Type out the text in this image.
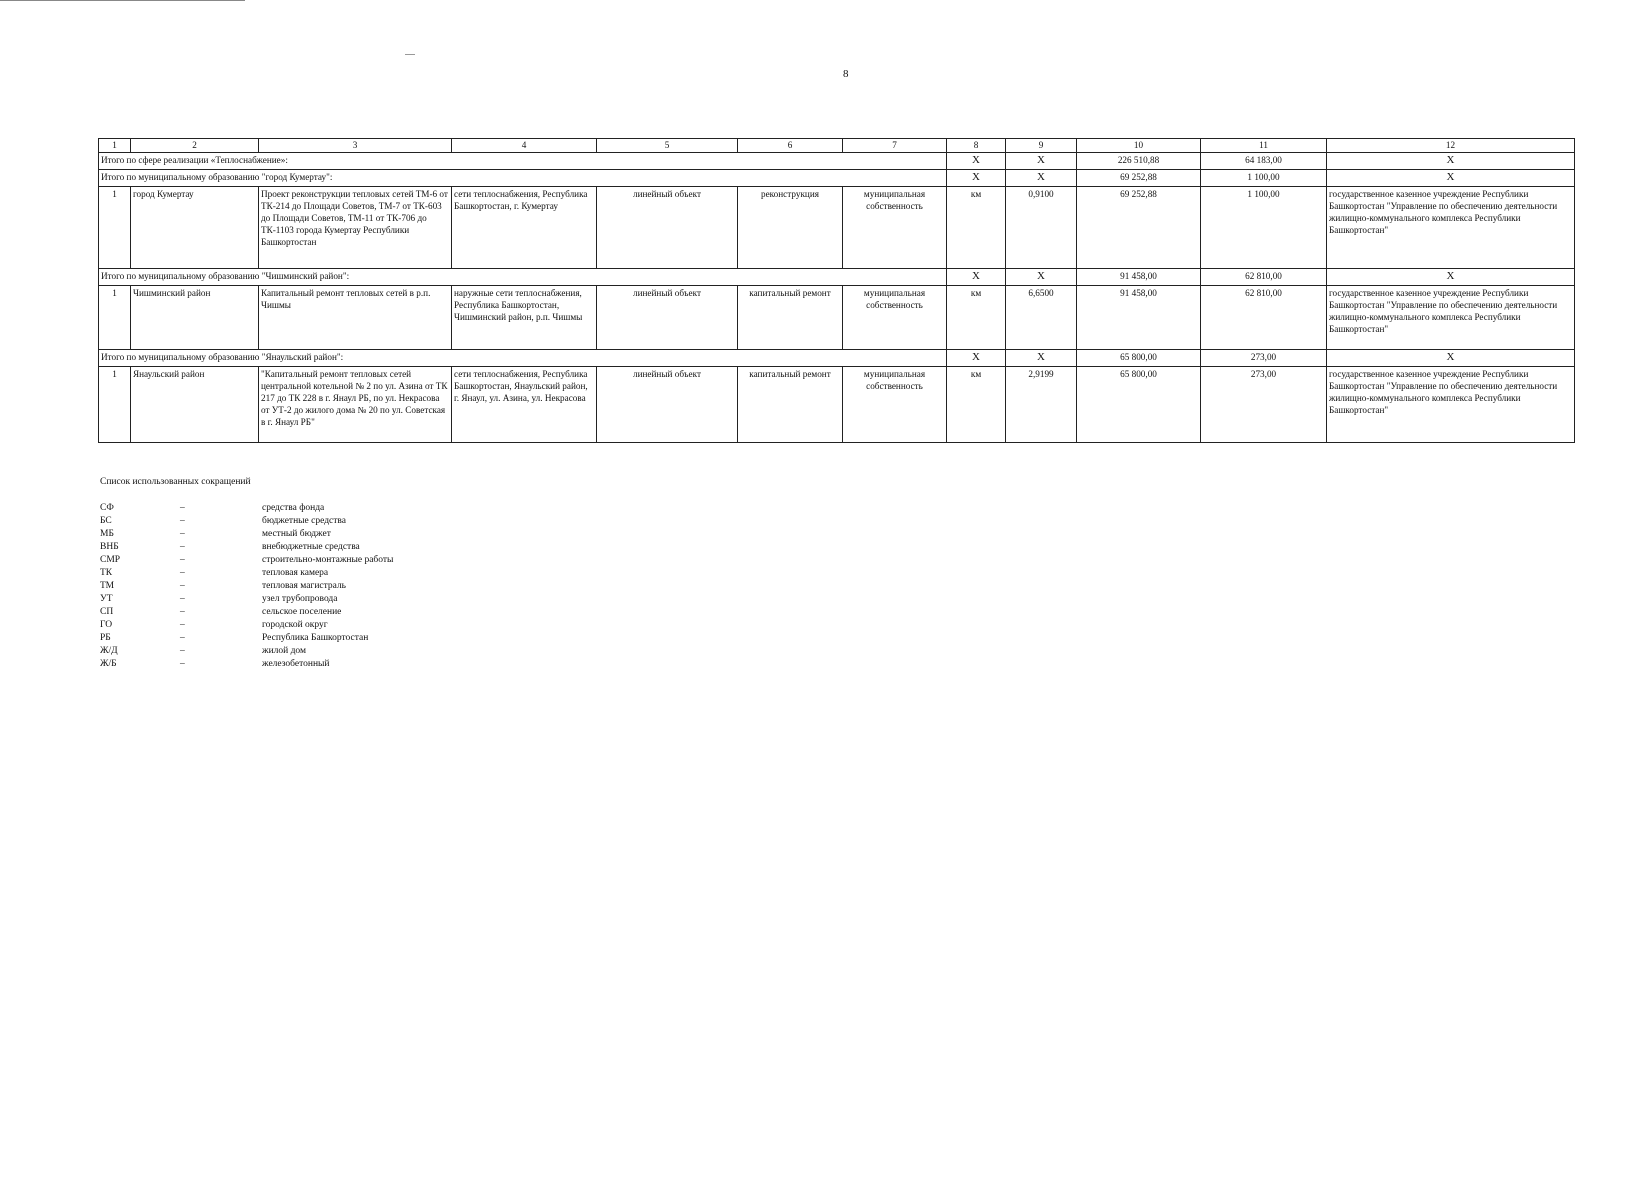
8
1	2	3	4	5	6	7	8	9	10	11	12
Итого по сфере реализации «Теплоснабжение»:							Х	Х	226 510,88	64 183,00	Х
Итого по муниципальному образованию "город Кумертау":							Х	Х	69 252,88	1 100,00	Х
1	город Кумертау	Проект реконструкции тепловых сетей ТМ-6 от ТК-214 до Площади Советов, ТМ-7 от ТК-603 до Площади Советов, ТМ-11 от ТК-706 до ТК-1103 города Кумертау Республики Башкортостан	сети теплоснабжения, Республика Башкортостан, г. Кумертау	линейный объект	реконструкция	муниципальная собственность	км	0,9100	69 252,88	1 100,00	государственное казенное учреждение Республики Башкортостан "Управление по обеспечению деятельности жилищно-коммунального комплекса Республики Башкортостан"
Итого по муниципальному образованию "Чишминский район":							Х	Х	91 458,00	62 810,00	Х
1	Чишминский район	Капитальный ремонт тепловых сетей в р.п. Чишмы	наружные сети теплоснабжения, Республика Башкортостан, Чишминский район, р.п. Чишмы	линейный объект	капитальный ремонт	муниципальная собственность	км	6,6500	91 458,00	62 810,00	государственное казенное учреждение Республики Башкортостан "Управление по обеспечению деятельности жилищно-коммунального комплекса Республики Башкортостан"
Итого по муниципальному образованию "Янаульский район":							Х	Х	65 800,00	273,00	Х
1	Янаульский район	"Капитальный ремонт тепловых сетей центральной котельной № 2 по ул. Азина от ТК 217 до ТК 228 в г. Янаул РБ, по ул. Некрасова от УТ-2 до жилого дома № 20 по ул. Советская в г. Янаул РБ"	сети теплоснабжения, Республика Башкортостан, Янаульский район, г. Янаул, ул. Азина, ул. Некрасова	линейный объект	капитальный ремонт	муниципальная собственность	км	2,9199	65 800,00	273,00	государственное казенное учреждение Республики Башкортостан "Управление по обеспечению деятельности жилищно-коммунального комплекса Республики Башкортостан"
Список использованных сокращений
СФ	–	средства фонда
БС	–	бюджетные средства
МБ	–	местный бюджет
ВНБ	–	внебюджетные средства
СМР	–	строительно-монтажные работы
ТК	–	тепловая камера
ТМ	–	тепловая магистраль
УТ	–	узел трубопровода
СП	–	сельское поселение
ГО	–	городской округ
РБ	–	Республика Башкортостан
Ж/Д	–	жилой дом
Ж/Б	–	железобетонный
